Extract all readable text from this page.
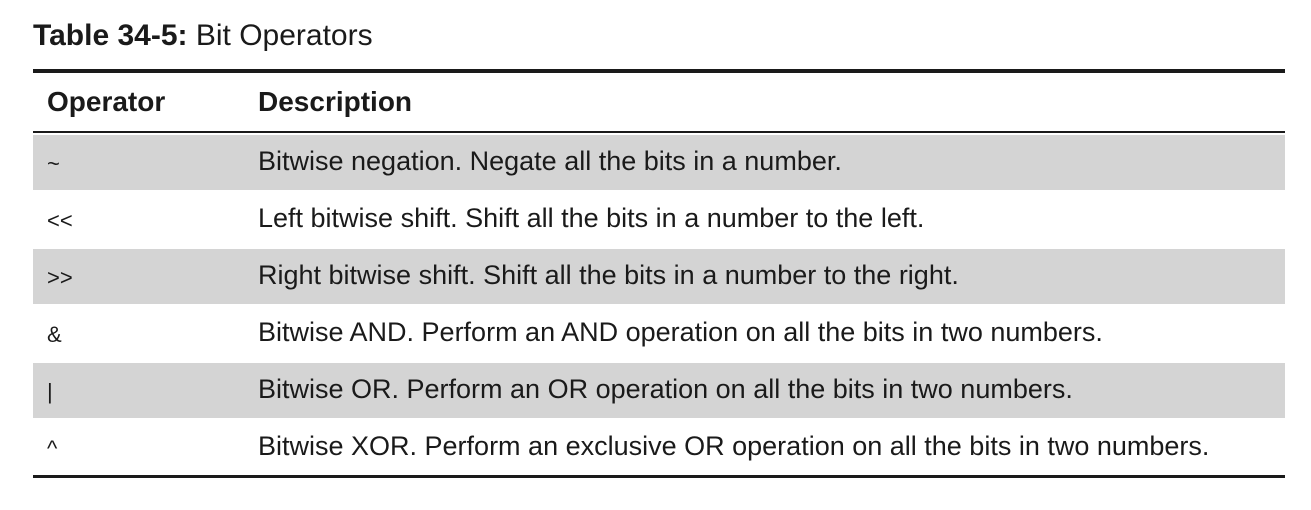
Table 34-5: Bit Operators
Operator	Description
~	Bitwise negation. Negate all the bits in a number.
<<	Left bitwise shift. Shift all the bits in a number to the left.
>>	Right bitwise shift. Shift all the bits in a number to the right.
&	Bitwise AND. Perform an AND operation on all the bits in two numbers.
|	Bitwise OR. Perform an OR operation on all the bits in two numbers.
^	Bitwise XOR. Perform an exclusive OR operation on all the bits in two numbers.
